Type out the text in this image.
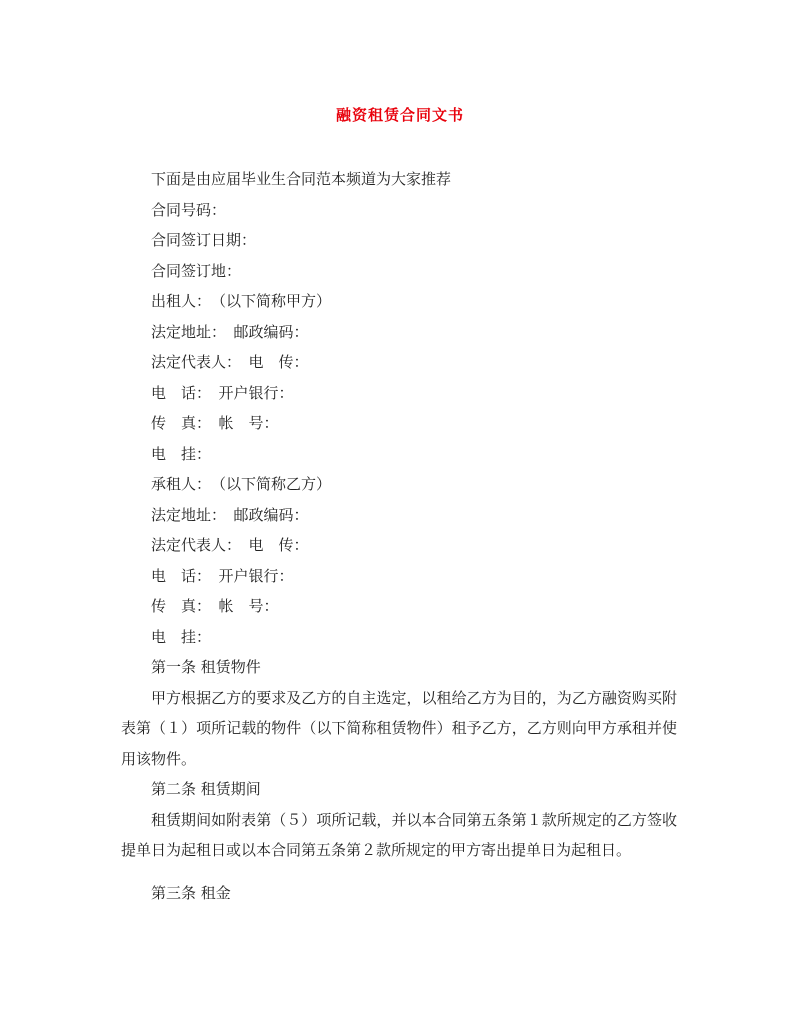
融资租赁合同文书
下面是由应届毕业生合同范本频道为大家推荐
合同号码：
合同签订日期：
合同签订地：
出租人：　（以下简称甲方）
法定地址：　邮政编码：
法定代表人：　电　传：
电　话：　开户银行：
传　真：　帐　号：
电　挂：
承租人：　（以下简称乙方）
法定地址：　邮政编码：
法定代表人：　电　传：
电　话：　开户银行：
传　真：　帐　号：
电　挂：
第一条 租赁物件
甲方根据乙方的要求及乙方的自主选定，以租给乙方为目的，为乙方融资购买附表第（１）项所记载的物件（以下简称租赁物件）租予乙方，乙方则向甲方承租并使用该物件。
第二条 租赁期间
租赁期间如附表第（５）项所记载，并以本合同第五条第１款所规定的乙方签收提单日为起租日或以本合同第五条第２款所规定的甲方寄出提单日为起租日。
第三条 租金
